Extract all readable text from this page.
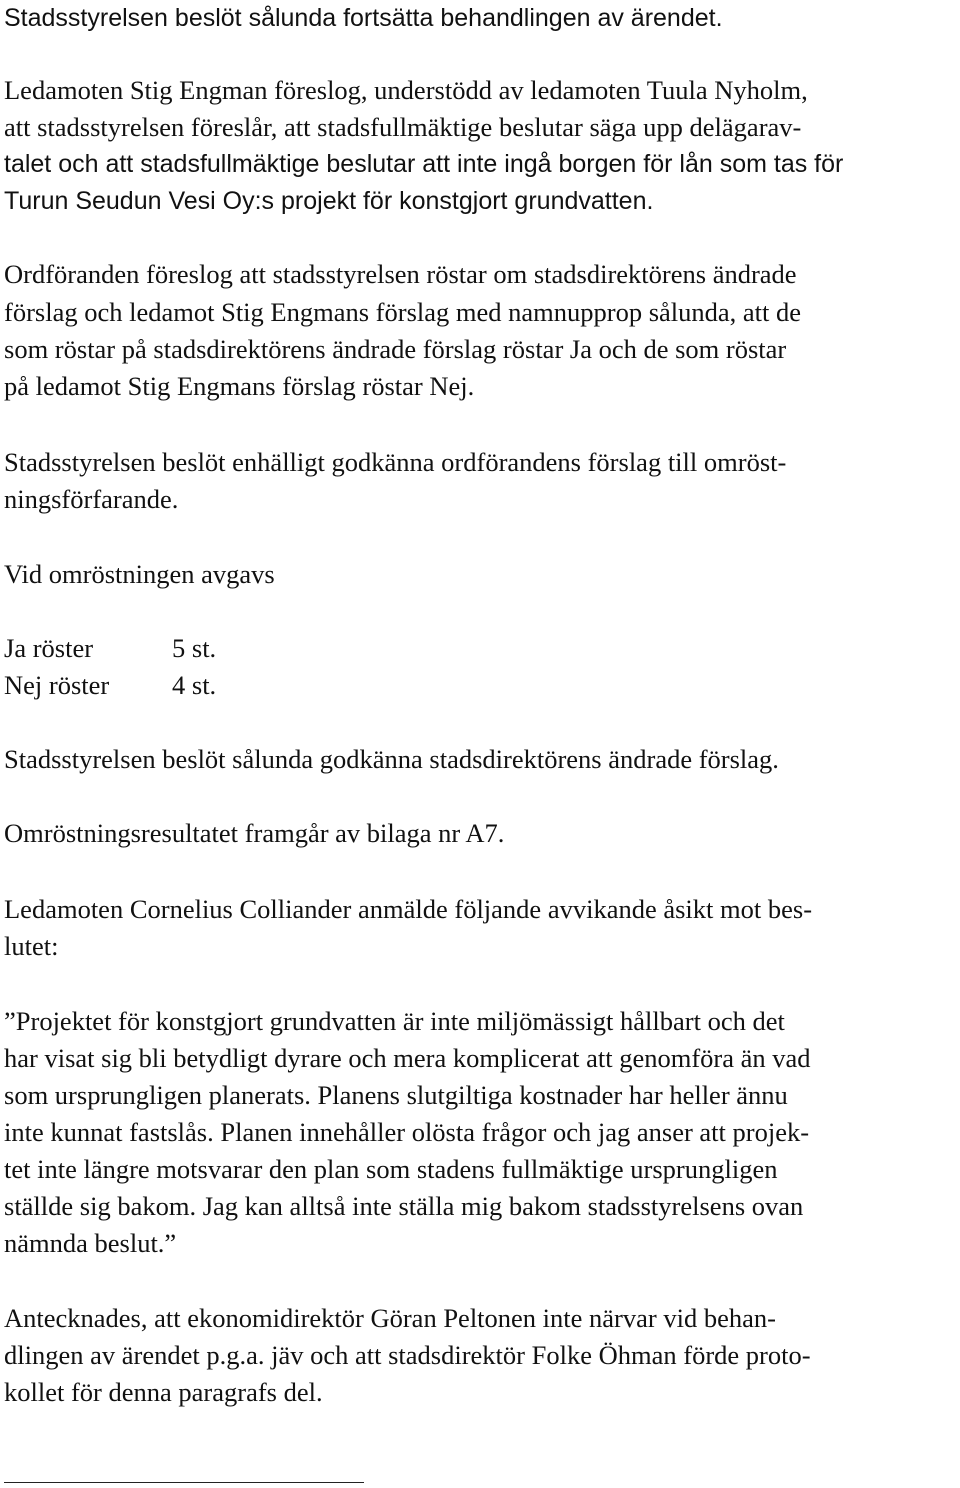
Stadsstyrelsen beslöt sålunda fortsätta behandlingen av ärendet.
Ledamoten Stig Engman föreslog, understödd av ledamoten Tuula Nyholm,
att stadsstyrelsen föreslår, att stadsfullmäktige beslutar säga upp delägarav-
talet och att stadsfullmäktige beslutar att inte ingå borgen för lån som tas för
Turun Seudun Vesi Oy:s projekt för konstgjort grundvatten.
Ordföranden föreslog att stadsstyrelsen röstar om stadsdirektörens ändrade
förslag och ledamot Stig Engmans förslag med namnupprop sålunda, att de
som röstar på stadsdirektörens ändrade förslag röstar Ja och de som röstar
på ledamot Stig Engmans förslag röstar Nej.
Stadsstyrelsen beslöt enhälligt godkänna ordförandens förslag till omröst-
ningsförfarande.
Vid omröstningen avgavs
Ja röster	5 st.
Nej röster 4 st.
Stadsstyrelsen beslöt sålunda godkänna stadsdirektörens ändrade förslag.
Omröstningsresultatet framgår av bilaga nr A7.
Ledamoten Cornelius Colliander anmälde följande avvikande åsikt mot bes-
lutet:
”Projektet för konstgjort grundvatten är inte miljömässigt hållbart och det
har visat sig bli betydligt dyrare och mera komplicerat att genomföra än vad
som ursprungligen planerats. Planens slutgiltiga kostnader har heller ännu
inte kunnat fastslås. Planen innehåller olösta frågor och jag anser att projek-
tet inte längre motsvarar den plan som stadens fullmäktige ursprungligen
ställde sig bakom. Jag kan alltså inte ställa mig bakom stadsstyrelsens ovan
nämnda beslut.”
Antecknades, att ekonomidirektör Göran Peltonen inte närvar vid behan-
dlingen av ärendet p.g.a. jäv och att stadsdirektör Folke Öhman förde proto-
kollet för denna paragrafs del.
